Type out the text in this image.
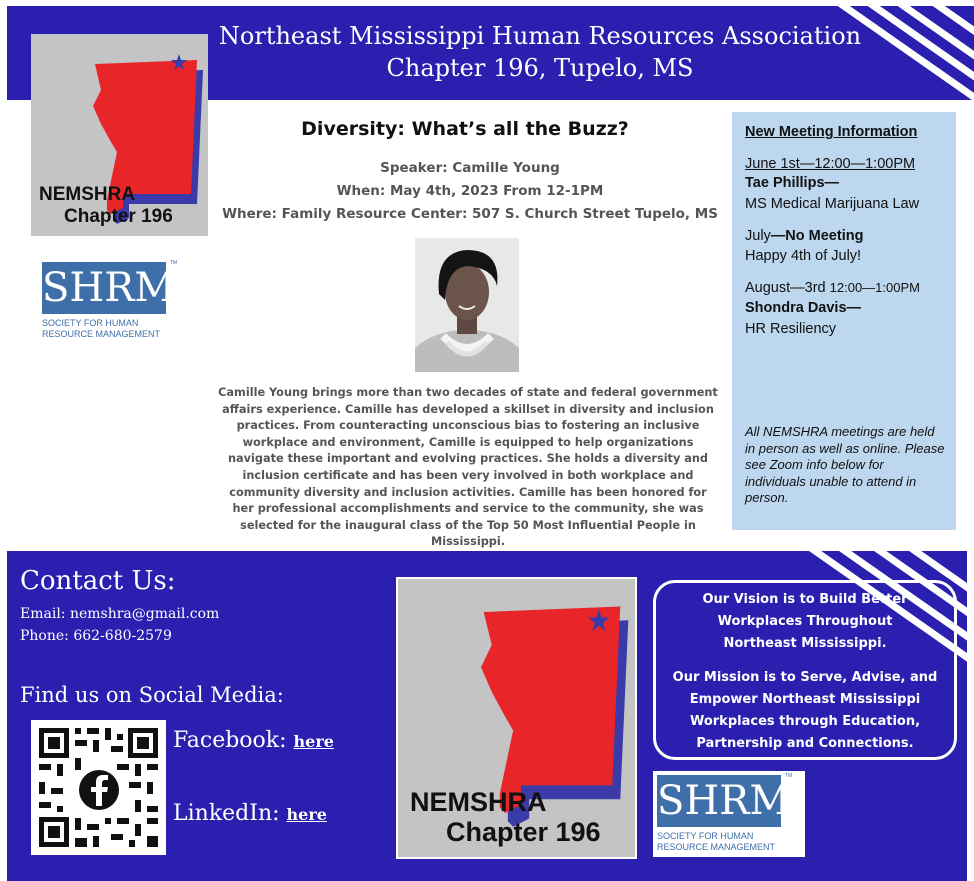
Northeast Mississippi Human Resources Association
Chapter 196, Tupelo, MS
NEMSHRA
Chapter 196
SHRM
TM
SOCIETY FOR HUMAN
RESOURCE MANAGEMENT
Diversity: What’s all the Buzz?
Speaker: Camille Young
When: May 4th, 2023 From 12-1PM
Where: Family Resource Center: 507 S. Church Street Tupelo, MS
Camille Young brings more than two decades of state and federal government affairs experience. Camille has developed a skillset in diversity and inclusion practices. From counteracting unconscious bias to fostering an inclusive workplace and environment, Camille is equipped to help organizations navigate these important and evolving practices. She holds a diversity and inclusion certificate and has been very involved in both workplace and community diversity and inclusion activities. Camille has been honored for her professional accomplishments and service to the community, she was selected for the inaugural class of the Top 50 Most Influential People in Mississippi.
New Meeting Information
June 1st—12:00—1:00PM
Tae Phillips—
MS Medical Marijuana Law
July—No Meeting
Happy 4th of July!
August—3rd 12:00—1:00PM
Shondra Davis—
HR Resiliency
All NEMSHRA meetings are held in person as well as online. Please see Zoom info below for individuals unable to attend in person.
Contact Us:
Email: nemshra@gmail.com
Phone: 662-680-2579
Find us on Social Media:
Facebook: here
LinkedIn: here	NEMSHRA
Chapter 196
Our Vision is to Build Better
Workplaces Throughout
Northeast Mississippi.
Our Mission is to Serve, Advise, and
Empower Northeast Mississippi
Workplaces through Education,
Partnership and Connections.
SHRM
TM
SOCIETY FOR HUMAN
RESOURCE MANAGEMENT
